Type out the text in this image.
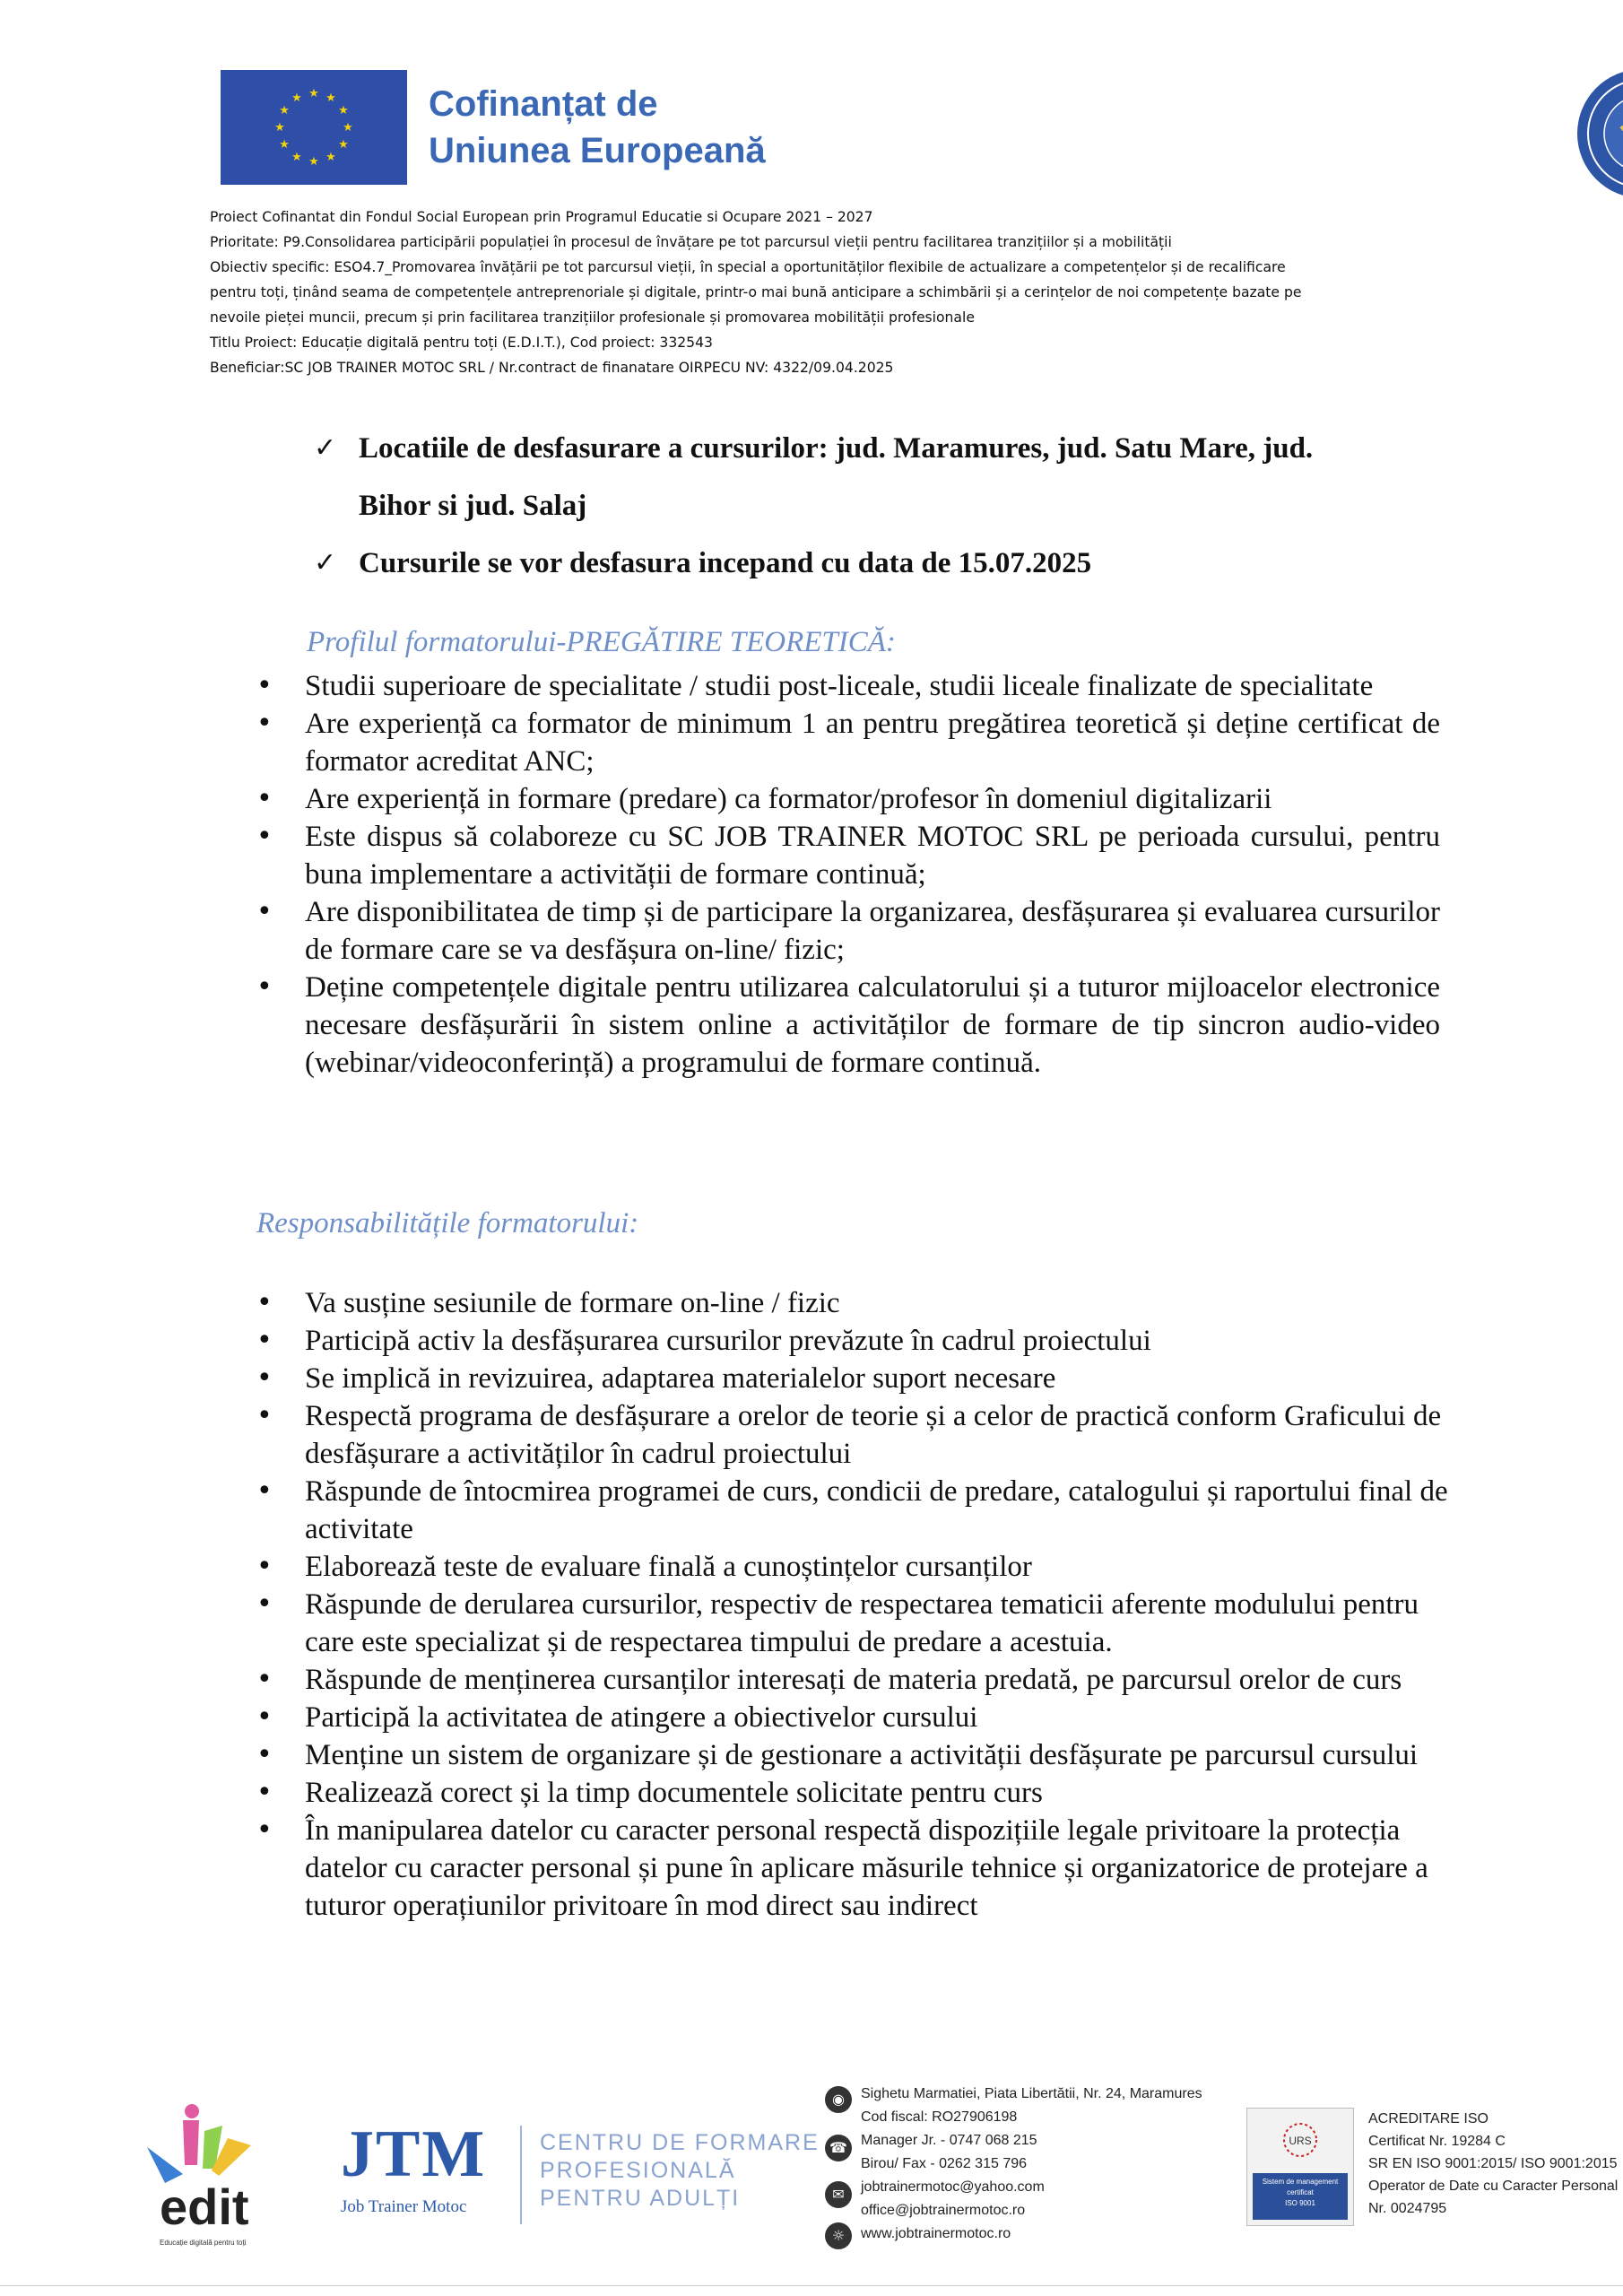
★ ★
★
★
★
★
★
★
★
★
★
★	Cofinanțat de
Uniunea Europeană
Proiect Cofinantat din Fondul Social European prin Programul Educatie si Ocupare 2021 – 2027
Prioritate: P9.Consolidarea participării populației în procesul de învățare pe tot parcursul vieții pentru facilitarea tranzițiilor și a mobilității
Obiectiv specific: ESO4.7_Promovarea învățării pe tot parcursul vieții, în special a oportunităților flexibile de actualizare a competențelor și de recalificare
pentru toți, ținând seama de competențele antreprenoriale și digitale, printr-o mai bună anticipare a schimbării și a cerințelor de noi competențe bazate pe
nevoile pieței muncii, precum și prin facilitarea tranzițiilor profesionale și promovarea mobilității profesionale
Titlu Proiect: Educație digitală pentru toți (E.D.I.T.), Cod proiect: 332543
Beneficiar:SC JOB TRAINER MOTOC SRL / Nr.contract de finanatare OIRPECU NV: 4322/09.04.2025
✓ Locatiile de desfasurare a cursurilor: jud. Maramures, jud. Satu Mare, jud.
Bihor si jud. Salaj
✓ Cursurile se vor desfasura incepand cu data de 15.07.2025
Profilul formatorului-PREGĂTIRE TEORETICĂ:
• Studii superioare de specialitate / studii post-liceale, studii liceale finalizate de specialitate
• Are experiență ca formator de minimum 1 an pentru pregătirea teoretică și deține certificat de formator acreditat ANC;
• Are experiență in formare (predare) ca formator/profesor în domeniul digitalizarii
• Este dispus să colaboreze cu SC JOB TRAINER MOTOC SRL pe perioada cursului, pentru buna implementare a activității de formare continuă;
• Are disponibilitatea de timp și de participare la organizarea, desfășurarea și evaluarea cursurilor de formare care se va desfășura on-line/ fizic;
• Deține competențele digitale pentru utilizarea calculatorului și a tuturor mijloacelor electronice necesare desfășurării în sistem online a activităților de formare de tip sincron audio-video (webinar/videoconferință) a programului de formare continuă.
Responsabilitățile formatorului:
• Va susține sesiunile de formare on-line / fizic
• Participă activ la desfășurarea cursurilor prevăzute în cadrul proiectului
• Se implică in revizuirea, adaptarea materialelor suport necesare
• Respectă programa de desfășurare a orelor de teorie și a celor de practică conform Graficului de desfășurare a activităților în cadrul proiectului
• Răspunde de întocmirea programei de curs, condicii de predare, catalogului și raportului final de activitate
• Elaborează teste de evaluare finală a cunoștințelor cursanților
• Răspunde de derularea cursurilor, respectiv de respectarea tematicii aferente modulului pentru care este specializat și de respectarea timpului de predare a acestuia.
• Răspunde de menținerea cursanților interesați de materia predată, pe parcursul orelor de curs
• Participă la activitatea de atingere a obiectivelor cursului
• Menține un sistem de organizare și de gestionare a activității desfășurate pe parcursul cursului
• Realizează corect și la timp documentele solicitate pentru curs
• În manipularea datelor cu caracter personal respectă dispozițiile legale privitoare la protecția datelor cu caracter personal și pune în aplicare măsurile tehnice și organizatorice de protejare a tuturor operațiunilor privitoare în mod direct sau indirect
edit
Educație digitală pentru toți
JTM
Job Trainer Motoc
CENTRU DE FORMARE
PROFESIONALĂ
PENTRU ADULȚI
◉	Sighetu Marmatiei, Piata Libertătii, Nr. 24, Maramures
Cod fiscal: RO27906198
☎ Manager Jr. - 0747 068 215
Birou/ Fax - 0262 315 796
✉	jobtrainermotoc@yahoo.com
office@jobtrainermotoc.ro
☼	www.jobtrainermotoc.ro
URS
Sistem de management certificat
ISO 9001
ACREDITARE ISO
Certificat Nr. 19284 C
SR EN ISO 9001:2015/ ISO 9001:2015
Operator de Date cu Caracter Personal
Nr. 0024795
